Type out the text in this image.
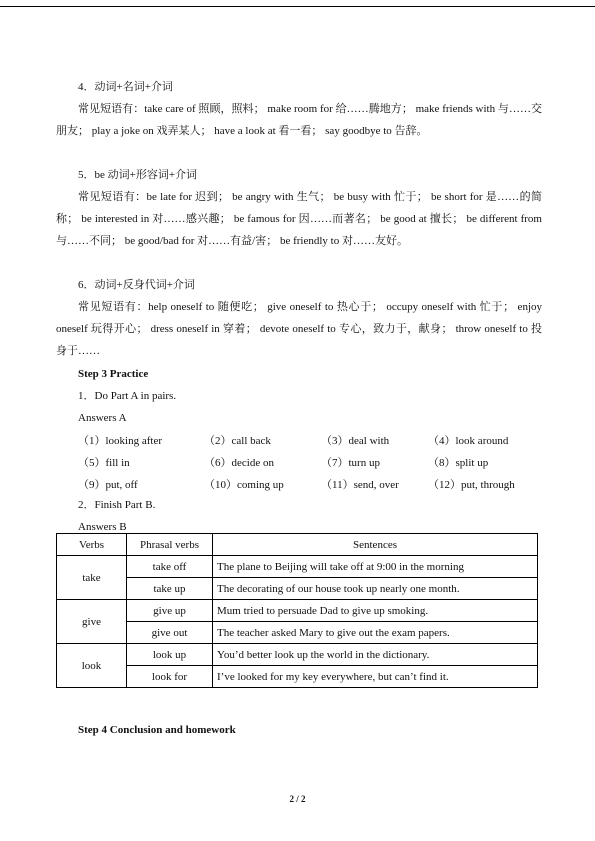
4．动词+名词+介词

常见短语有：take care of 照顾，照料； make room for 给……腾地方； make friends with 与……交朋友； play a joke on 戏弄某人； have a look at 看一看； say goodbye to 告辞。

5．be 动词+形容词+介词

常见短语有：be late for 迟到； be angry with 生气； be busy with 忙于； be short for 是……的简称； be interested in 对……感兴趣； be famous for 因……而著名； be good at 擅长； be different from 与……不同； be good/bad for 对……有益/害； be friendly to 对……友好。

6．动词+反身代词+介词

常见短语有：help oneself to 随便吃； give oneself to 热心于； occupy oneself with 忙于； enjoy oneself 玩得开心； dress oneself in 穿着； devote oneself to 专心，致力于，献身； throw oneself to 投身于……

Step 3 Practice
1．Do Part A in pairs.
Answers A
（1）looking after	（2）call back	（3）deal with	（4）look around
（5）fill in	（6）decide on	（7）turn up	（8）split up
（9）put, off	（10）coming up	（11）send, over	（12）put, through
2．Finish Part B.
Answers B
Verbs	Phrasal verbs	Sentences
take	take off	The plane to Beijing will take off at 9:00 in the morning
	take up	The decorating of our house took up nearly one month.
give	give up	Mum tried to persuade Dad to give up smoking.
	give out	The teacher asked Mary to give out the exam papers.
look	look up	You’d better look up the world in the dictionary.
	look for	I’ve looked for my key everywhere, but can’t find it.
Step 4 Conclusion and homework
2 / 2
